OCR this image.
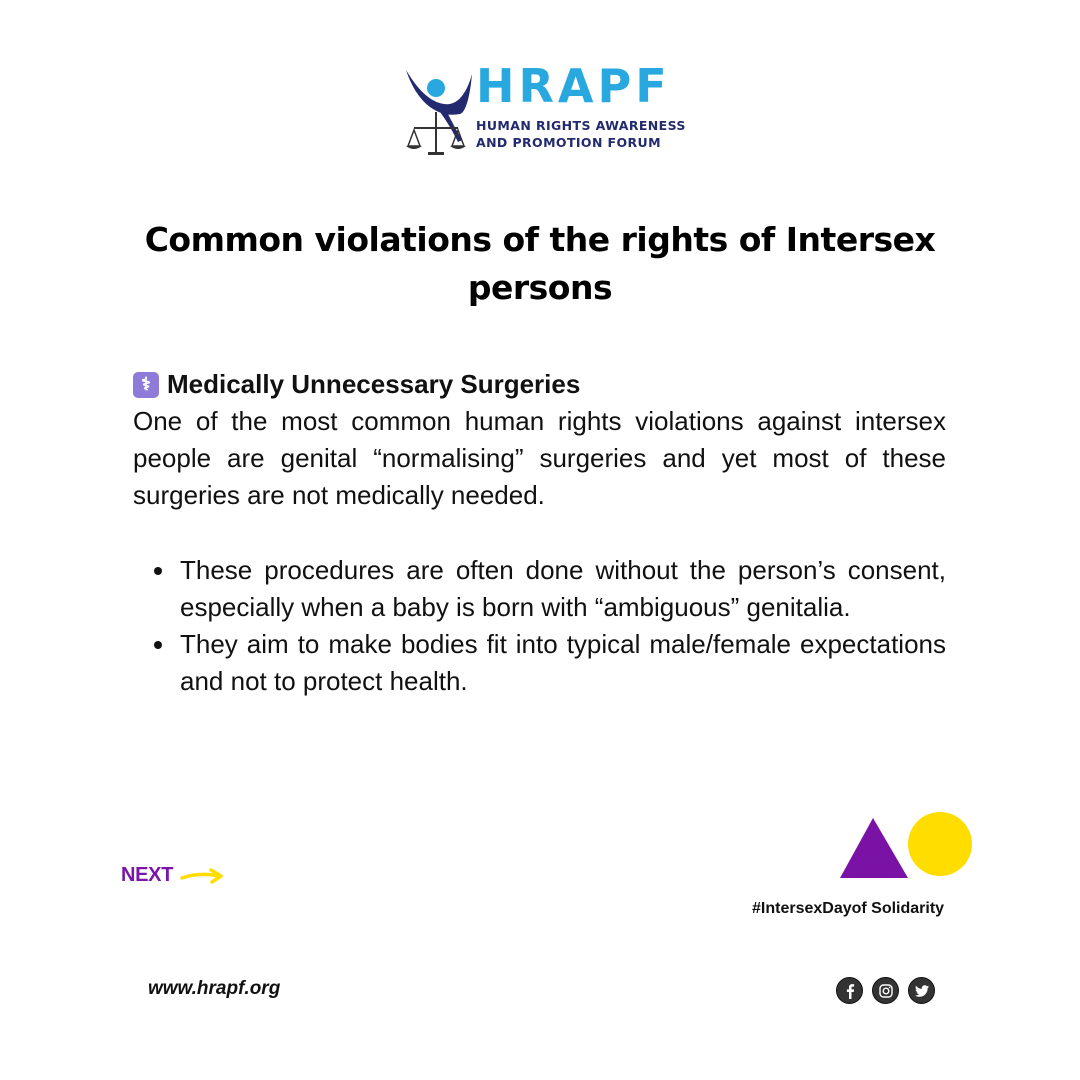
HRAPF
HUMAN RIGHTS AWARENESS
AND PROMOTION FORUM
Common violations of the rights of Intersex persons
⚕ Medically Unnecessary Surgeries

One of the most common human rights violations against intersex people are genital “normalising” surgeries and yet most of these surgeries are not medically needed.

These procedures are often done without the person’s consent, especially when a baby is born with “ambiguous” genitalia.
They aim to make bodies fit into typical male/female expectations and not to protect health.
NEXT
#IntersexDayof Solidarity
www.hrapf.org
